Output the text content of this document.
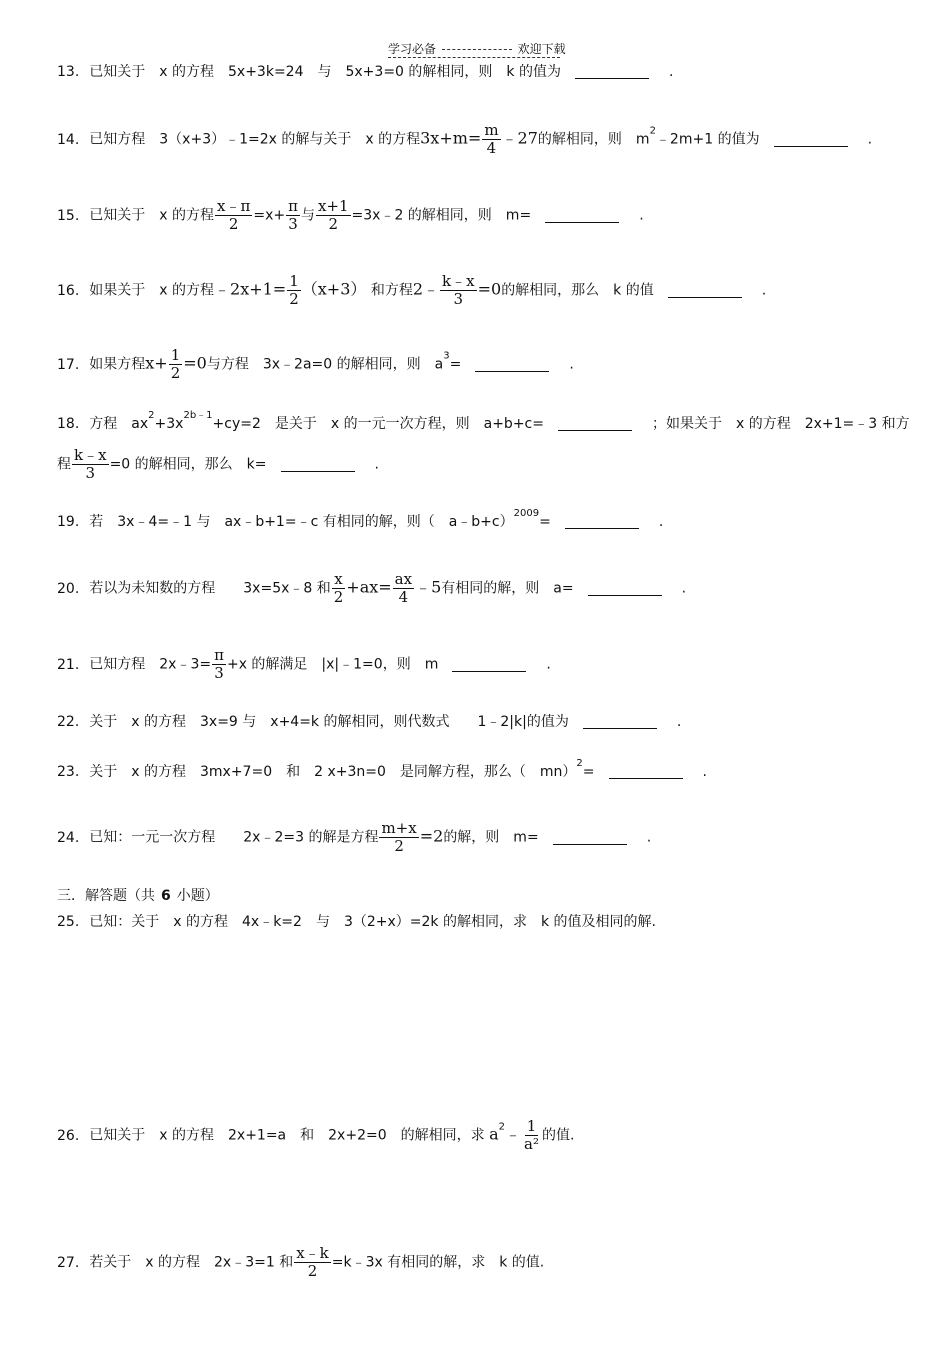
学习必备	欢迎下载
13. 已知关于　x 的方程　5x+3k=24　与　5x+3=0 的解相同，则　k 的值为	.
14. 已知方程　3（x+3）﹣1=2x 的解与关于　x 的方程$3x+m= \frac{m}{4}$ ﹣27的解相同，则　$m^2﹣2m+1$ 的值为	.
15. 已知关于　x 的方程 $\frac{x﹣\pi}{2} =x+ \frac{\pi}{3}$ 与 $\frac{x+1}{2}$ =3x﹣2 的解相同，则　m=	.
16. 如果关于　x 的方程﹣2x+1= $\frac{1}{2} (x+3)$ 和方程2﹣ $\frac{k﹣x}{3} =0$的解相同，那么　k 的值	.
17. 如果方程$x+ \frac{1}{2} =0$与方程　3x﹣2a=0 的解相同，则　$a^3=$	.
18. 方程　$ax^2+3x^{2b﹣1}+cy=2$　是关于　x 的一元一次方程，则　a+b+c=	；如果关于　x 的方程　2x+1=﹣3 和方
程 $\frac{k﹣x}{3} =0$ 的解相同，那么　k=	.
19. 若　3x﹣4=﹣1 与　ax﹣b+1=﹣c 有相同的解，则（　a﹣b+c）$^{2009}$=	.
20. 若以为未知数的方程　　3x=5x﹣8 和 $\frac{x}{2} +ax= \frac{ax}{4}$ ﹣5有相同的解，则　a=	.
21. 已知方程　2x﹣3= $\frac{\pi}{3} +x$ 的解满足　|x|﹣1=0，则　m	.
22. 关于　x 的方程　3x=9 与　x+4=k 的解相同，则代数式　　1﹣2|k|的值为	.
23. 关于　x 的方程　3mx+7=0　和　2 x+3n=0　是同解方程，那么（　mn）$^2$=	.
24. 已知：一元一次方程　　2x﹣2=3 的解是方程 $\frac{m+x}{2} =2$的解，则　m=	.
三．解答题（共 6 小题）
25. 已知：关于　x 的方程　4x﹣k=2　与　3（2+x）=2k 的解相同，求　k 的值及相同的解.
26. 已知关于　x 的方程　2x+1=a　和　2x+2=0　的解相同，求 $a^2﹣ \frac{1}{\text{a²}}$ 的值.
27. 若关于　x 的方程　2x﹣3=1 和 $\frac{x﹣k}{2}$ =k﹣3x 有相同的解，求　k 的值.
